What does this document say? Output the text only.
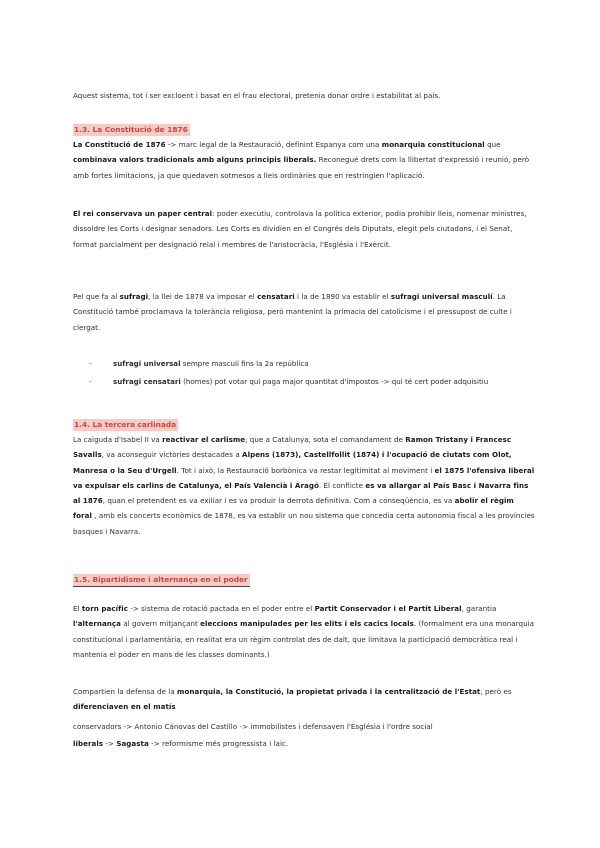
Aquest sistema, tot i ser excloent i basat en el frau electoral, pretenia donar ordre i estabilitat al país.
1.3. La Constitució de 1876
La Constitució de 1876 -> marc legal de la Restauració, definint Espanya com una monarquia constitucional que combinava valors tradicionals amb alguns principis liberals. Reconegué drets com la llibertat d'expressió i reunió, però amb fortes limitacions, ja que quedaven sotmesos a lleis ordinàries que en restringien l'aplicació.
El rei conservava un paper central: poder executiu, controlava la política exterior, podia prohibir lleis, nomenar ministres, dissoldre les Corts i designar senadors. Les Corts es dividien en el Congrés dels Diputats, elegit pels ciutadans, i el Senat, format parcialment per designació reial i membres de l'aristocràcia, l'Església i l'Exèrcit.
Pel que fa al sufragi, la llei de 1878 va imposar el censatari i la de 1890 va establir el sufragi universal masculí. La Constitució també proclamava la tolerància religiosa, però mantenint la primacia del catolicisme i el pressupost de culte i clergat.
-	sufragi universal sempre masculí fins la 2a república
-	sufragi censatari (homes) pot votar qui paga major quantitat d'impostos -> qui té cert poder adquisitiu
1.4. La tercera carlinada
La caiguda d'Isabel II va reactivar el carlisme, que a Catalunya, sota el comandament de Ramon Tristany i Francesc Savalls, va aconseguir victòries destacades a Alpens (1873), Castellfollit (1874) i l'ocupació de ciutats com Olot, Manresa o la Seu d'Urgell. Tot i això, la Restauració borbònica va restar legitimitat al moviment i el 1875 l'ofensiva liberal va expulsar els carlins de Catalunya, el País Valencià i Aragó. El conflicte es va allargar al País Basc i Navarra fins al 1876, quan el pretendent es va exiliar i es va produir la derrota definitiva. Com a conseqüència, es va abolir el règim foral , amb els concerts econòmics de 1878, es va establir un nou sistema que concedia certa autonomia fiscal a les províncies basques i Navarra.
1.5. Bipartidisme i alternança en el poder
El torn pacífic -> sistema de rotació pactada en el poder entre el Partit Conservador i el Partit Liberal, garantia l'alternança al govern mitjançant eleccions manipulades per les elits i els cacics locals. (formalment era una monarquia constitucional i parlamentària, en realitat era un règim controlat des de dalt, que limitava la participació democràtica real i mantenia el poder en mans de les classes dominants.)
Compartien la defensa de la monarquia, la Constitució, la propietat privada i la centralització de l'Estat, però es diferenciaven en el matís
conservadors -> Antonio Cánovas del Castillo -> immobilistes i defensaven l'Església i l'ordre social
liberals -> Sagasta -> reformisme més progressista i laic.
